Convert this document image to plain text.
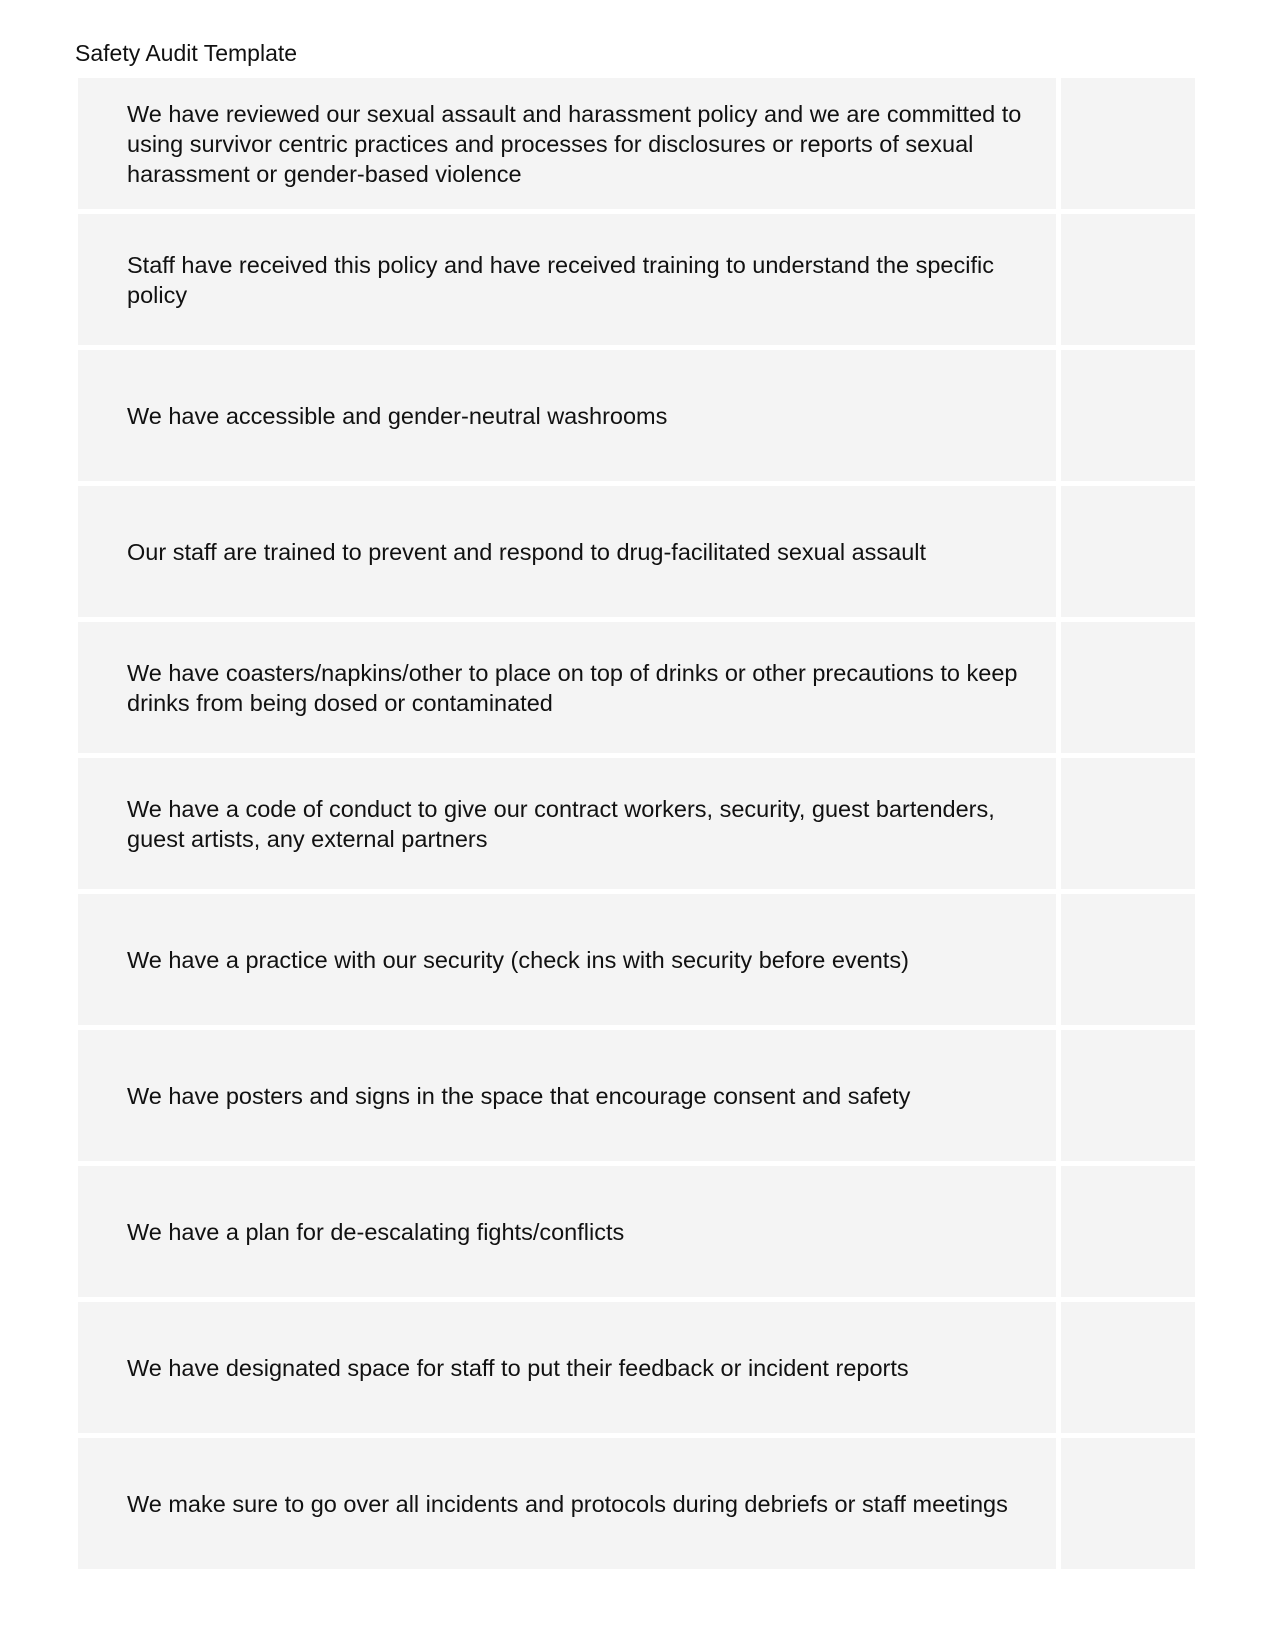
Safety Audit Template
We have reviewed our sexual assault and harassment policy and we are committed to using survivor centric practices and processes for disclosures or reports of sexual harassment or gender-based violence
Staff have received this policy and have received training to understand the specific policy
We have accessible and gender-neutral washrooms
Our staff are trained to prevent and respond to drug-facilitated sexual assault
We have coasters/napkins/other to place on top of drinks or other precautions to keep drinks from being dosed or contaminated
We have a code of conduct to give our contract workers, security, guest bartenders, guest artists, any external partners
We have a practice with our security (check ins with security before events)
We have posters and signs in the space that encourage consent and safety
We have a plan for de-escalating fights/conflicts
We have designated space for staff to put their feedback or incident reports
We make sure to go over all incidents and protocols during debriefs or staff meetings
